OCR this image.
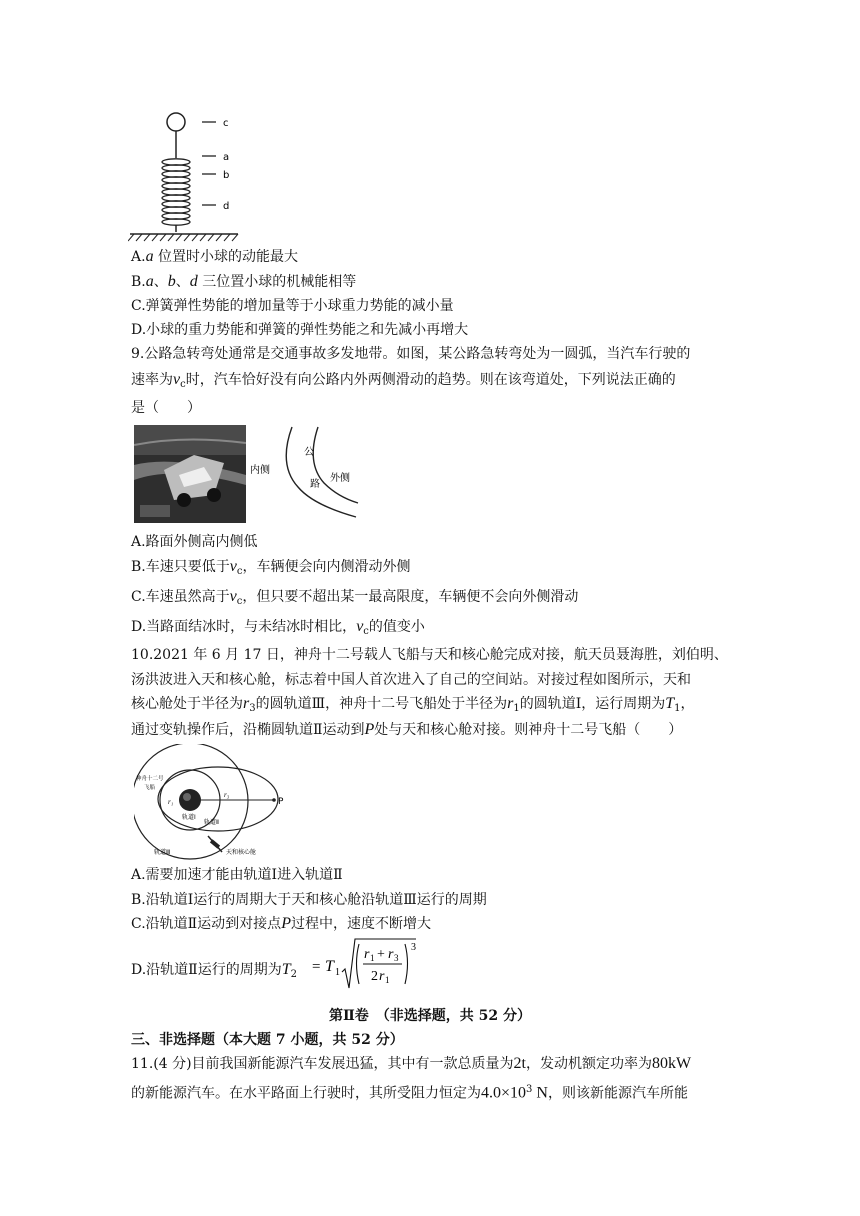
c
a
b
d
A.a 位置时小球的动能最大
B.a、b、d 三位置小球的机械能相等
C.弹簧弹性势能的增加量等于小球重力势能的减小量
D.小球的重力势能和弹簧的弹性势能之和先减小再增大
9.公路急转弯处通常是交通事故多发地带。如图，某公路急转弯处为一圆弧，当汽车行驶的
速率为$v_c$时，汽车恰好没有向公路内外两侧滑动的趋势。则在该弯道处，下列说法正确的
是（　　）
内侧
公
路
外侧
A.路面外侧高内侧低
B.车速只要低于$v_c$，车辆便会向内侧滑动外侧
C.车速虽然高于$v_c$，但只要不超出某一最高限度，车辆便不会向外侧滑动
D.当路面结冰时，与未结冰时相比，$v_c$的值变小
10.2021 年 6 月 17 日，神舟十二号载人飞船与天和核心舱完成对接，航天员聂海胜，刘伯明、
汤洪波进入天和核心舱，标志着中国人首次进入了自己的空间站。对接过程如图所示，天和
核心舱处于半径为$r_3$的圆轨道Ⅲ，神舟十二号飞船处于半径为$r_1$的圆轨道Ⅰ，运行周期为$T_1$，
通过变轨操作后，沿椭圆轨道Ⅱ运动到P处与天和核心舱对接。则神舟十二号飞船（　　）
P
r₃
r₁
神舟十二号
飞船
轨道Ⅰ
轨道Ⅱ
轨道Ⅲ	天和核心舱
A.需要加速才能由轨道Ⅰ进入轨道Ⅱ
B.沿轨道Ⅰ运行的周期大于天和核心舱沿轨道Ⅲ运行的周期
C.沿轨道Ⅱ运动到对接点P过程中，速度不断增大
D.沿轨道Ⅱ运行的周期为$T_2 = T$ 1
3
r 1 + r 3
2 r 1
第Ⅱ卷　（非选择题，共 52 分）
三、非选择题（本大题 7 小题，共 52 分）
11.(4 分)目前我国新能源汽车发展迅猛，其中有一款总质量为2t，发动机额定功率为80kW
的新能源汽车。在水平路面上行驶时，其所受阻力恒定为$4.0\times 10^3$ N，则该新能源汽车所能
